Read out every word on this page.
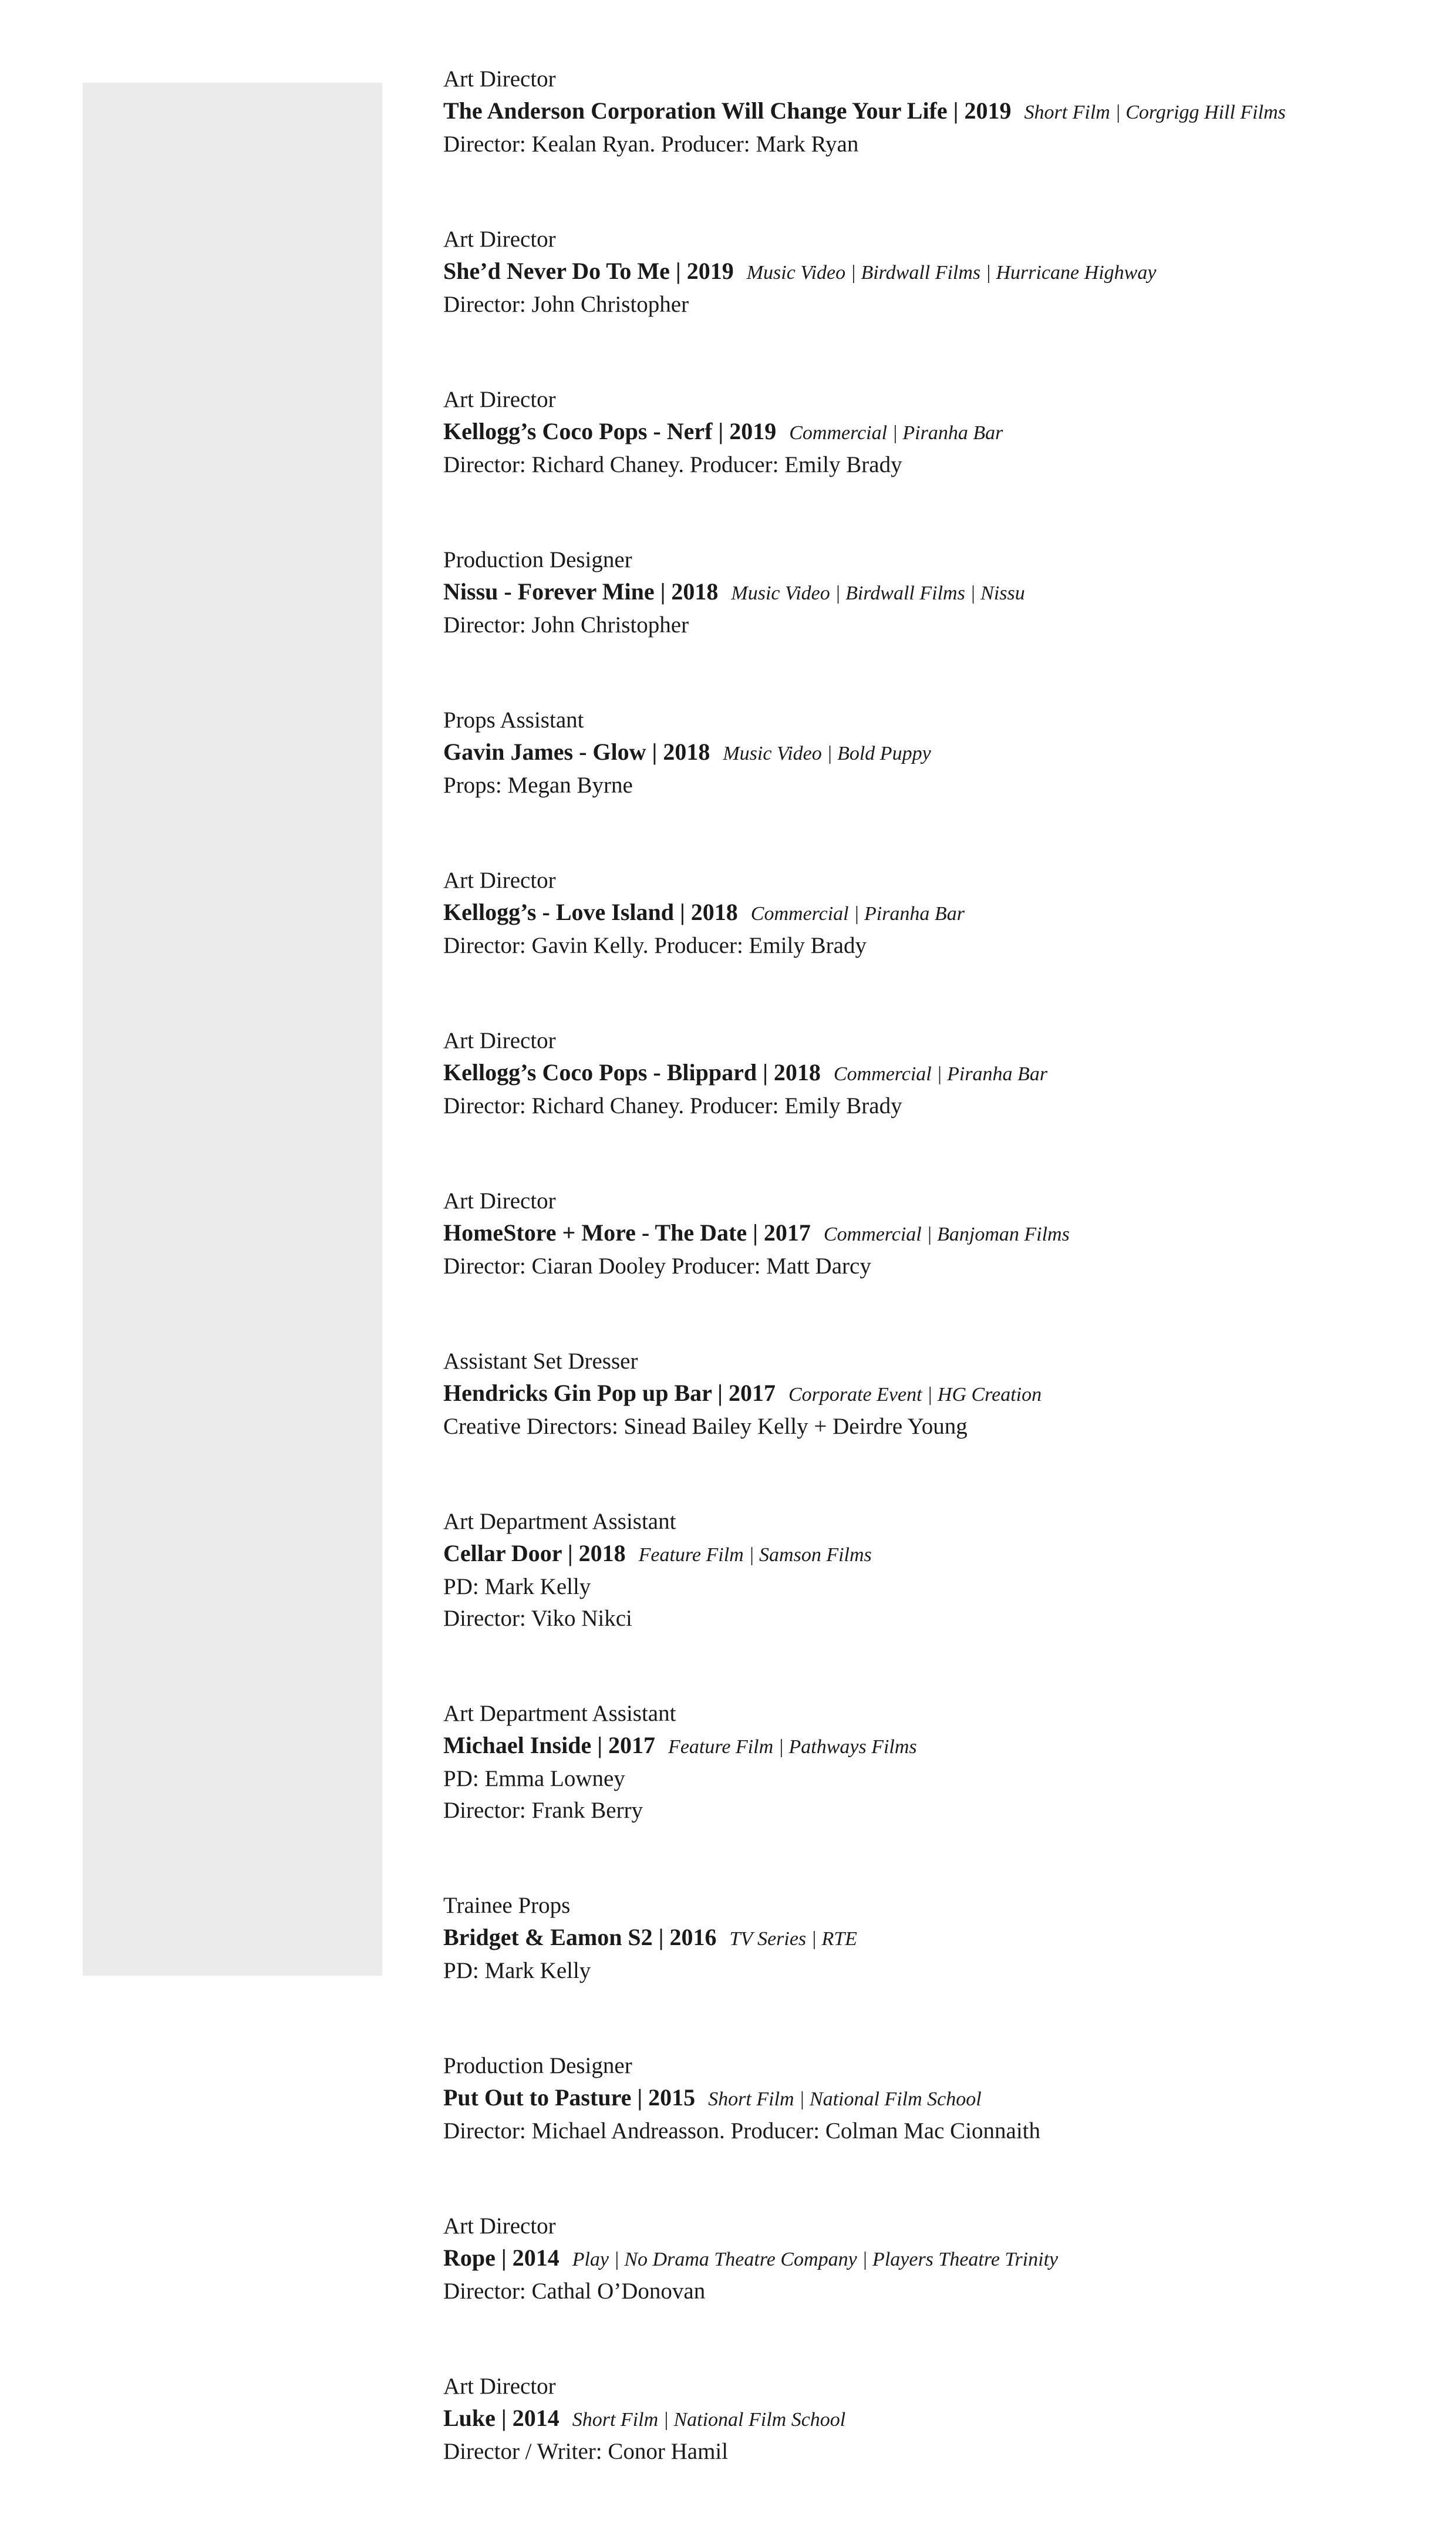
Art Director
The Anderson Corporation Will Change Your Life | 2019 Short Film | Corgrigg Hill Films
Director: Kealan Ryan. Producer: Mark Ryan
Art Director
She’d Never Do To Me | 2019 Music Video | Birdwall Films | Hurricane Highway
Director: John Christopher
Art Director
Kellogg’s Coco Pops - Nerf | 2019 Commercial | Piranha Bar
Director: Richard Chaney. Producer: Emily Brady
Production Designer
Nissu - Forever Mine | 2018 Music Video | Birdwall Films | Nissu
Director: John Christopher
Props Assistant
Gavin James - Glow | 2018 Music Video | Bold Puppy
Props: Megan Byrne
Art Director
Kellogg’s - Love Island | 2018 Commercial | Piranha Bar
Director: Gavin Kelly. Producer: Emily Brady
Art Director
Kellogg’s Coco Pops - Blippard | 2018 Commercial | Piranha Bar
Director: Richard Chaney. Producer: Emily Brady
Art Director
HomeStore + More - The Date | 2017 Commercial | Banjoman Films
Director: Ciaran Dooley Producer: Matt Darcy
Assistant Set Dresser
Hendricks Gin Pop up Bar | 2017 Corporate Event | HG Creation
Creative Directors: Sinead Bailey Kelly + Deirdre Young
Art Department Assistant
Cellar Door | 2018 Feature Film | Samson Films
PD: Mark Kelly
Director: Viko Nikci
Art Department Assistant
Michael Inside | 2017 Feature Film | Pathways Films
PD: Emma Lowney
Director: Frank Berry
Trainee Props
Bridget & Eamon S2 | 2016 TV Series | RTE
PD: Mark Kelly
Production Designer
Put Out to Pasture | 2015 Short Film | National Film School
Director: Michael Andreasson. Producer: Colman Mac Cionnaith
Art Director
Rope | 2014 Play | No Drama Theatre Company | Players Theatre Trinity
Director: Cathal O’Donovan
Art Director
Luke | 2014 Short Film | National Film School
Director / Writer: Conor Hamil
